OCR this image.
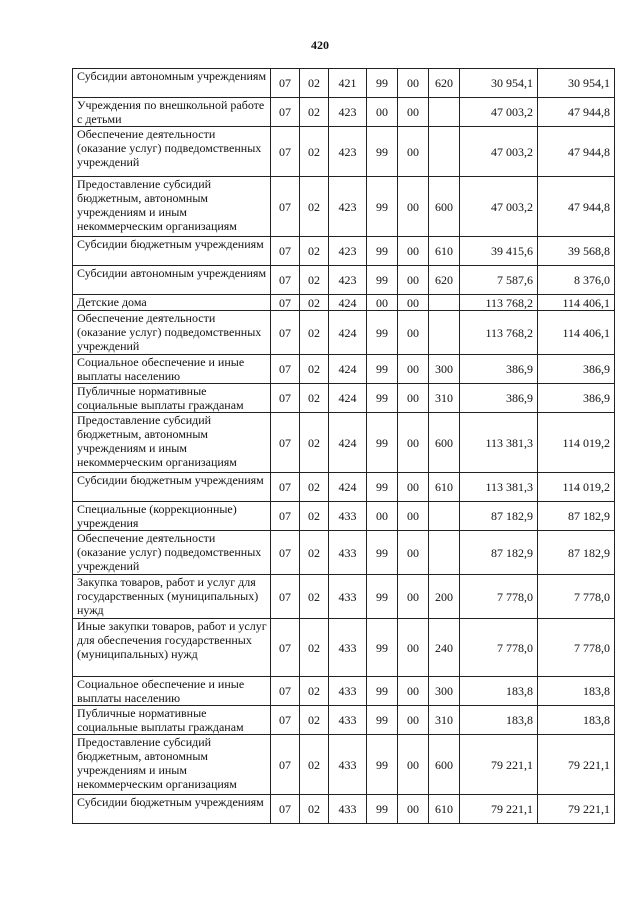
420
Субсидии автономным учреждениям	07	02	421	99	00	620	30 954,1	30 954,1
Учреждения по внешкольной работе с детьми	07	02	423	00	00		47 003,2	47 944,8
Обеспечение деятельности (оказание услуг) подведомственных учреждений	07	02	423	99	00		47 003,2	47 944,8
Предоставление субсидий бюджетным, автономным учреждениям и иным некоммерческим организациям	07	02	423	99	00	600	47 003,2	47 944,8
Субсидии бюджетным учреждениям	07	02	423	99	00	610	39 415,6	39 568,8
Субсидии автономным учреждениям	07	02	423	99	00	620	7 587,6	8 376,0
Детские дома	07	02	424	00	00		113 768,2	114 406,1
Обеспечение деятельности (оказание услуг) подведомственных учреждений	07	02	424	99	00		113 768,2	114 406,1
Социальное обеспечение и иные выплаты населению	07	02	424	99	00	300	386,9	386,9
Публичные нормативные социальные выплаты гражданам	07	02	424	99	00	310	386,9	386,9
Предоставление субсидий бюджетным, автономным учреждениям и иным некоммерческим организациям	07	02	424	99	00	600	113 381,3	114 019,2
Субсидии бюджетным учреждениям	07	02	424	99	00	610	113 381,3	114 019,2
Специальные (коррекционные) учреждения	07	02	433	00	00		87 182,9	87 182,9
Обеспечение деятельности (оказание услуг) подведомственных учреждений	07	02	433	99	00		87 182,9	87 182,9
Закупка товаров, работ и услуг для государственных (муниципальных) нужд	07	02	433	99	00	200	7 778,0	7 778,0
Иные закупки товаров, работ и услуг для обеспечения государственных (муниципальных) нужд	07	02	433	99	00	240	7 778,0	7 778,0
Социальное обеспечение и иные выплаты населению	07	02	433	99	00	300	183,8	183,8
Публичные нормативные социальные выплаты гражданам	07	02	433	99	00	310	183,8	183,8
Предоставление субсидий бюджетным, автономным учреждениям и иным некоммерческим организациям	07	02	433	99	00	600	79 221,1	79 221,1
Субсидии бюджетным учреждениям	07	02	433	99	00	610	79 221,1	79 221,1
